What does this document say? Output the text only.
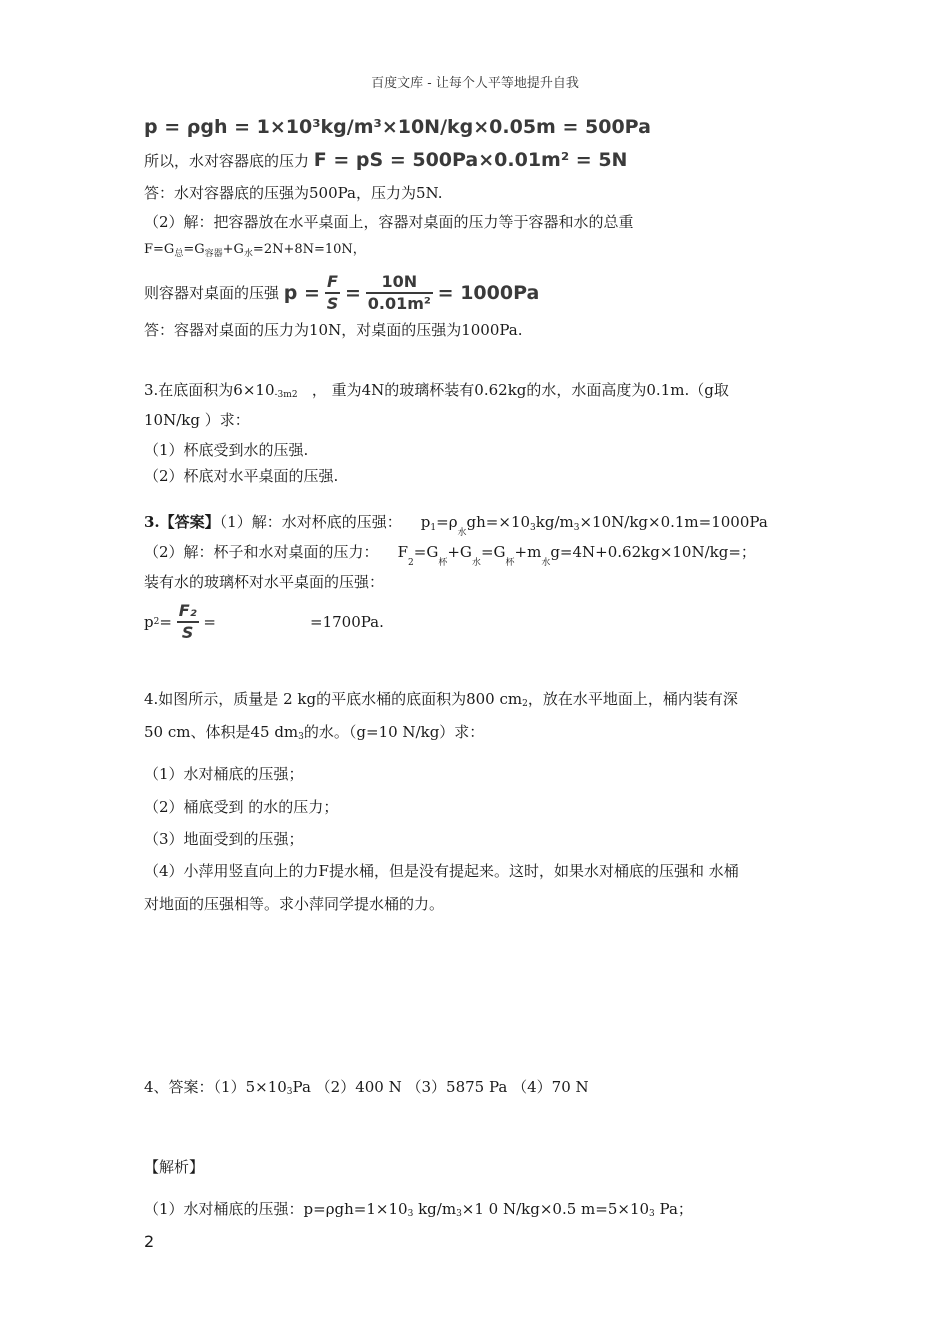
百度文库 - 让每个人平等地提升自我
p = ρgh = 1×10³kg/m³×10N/kg×0.05m = 500Pa
所以，水对容器底的压力 F = pS = 500Pa×0.01m² = 5N
答：水对容器底的压强为500Pa，压力为5N.
（2）解：把容器放在水平桌面上，容器对桌面的压力等于容器和水的总重
$F=G_总=G_{容器}+G_水=2N+8N=10N$，
则容器对桌面的压强 $p = \frac{F}{S} = \frac{10N}{\text{0.01m²}} = 1000Pa$
答：容器对桌面的压力为10N，对桌面的压强为1000Pa.
3.在底面积为$6\times 10_{-3m2}$ ， 重为4N的玻璃杯装有0.62kg的水，水面高度为0.1m.（g取
10N/kg ）求：
（1）杯底受到水的压强.
（2）杯底对水平桌面的压强.
3.【答案】（1）解：水对杯底的压强： $p_1=\rho_水gh=\times 10_3kg/m_3\times 10N/kg\times 0.1m=1000Pa$
（2）解：杯子和水对桌面的压力： $F_2=G_杯+G_水=G_杯+m_水g=4N+0.62kg\times 10N/kg=$；
装有水的玻璃杯对水平桌面的压强：
$p2= \frac{\text{F₂}}{S}$ =	=1700Pa.
4.如图所示，质量是 2 kg的平底水桶的底面积为800 $cm_2$，放在水平地面上，桶内装有深
50 cm、体积是45 $dm_3$的水。（g=10 N/kg）求：
（1）水对桶底的压强；
（2）桶底受到 的水的压力；
（3）地面受到的压强；
（4）小萍用竖直向上的力F提水桶，但是没有提起来。这时，如果水对桶底的压强和 水桶
对地面的压强相等。求小萍同学提水桶的力。
4、答案：$(1)5\times 10_3Pa$ （2）400 N （3）5875 Pa （4）70 N
【解析】
（1）水对桶底的压强：$p=\rho gh=1\times 10_3$ $kg/m_3\times 1$ 0 N/kg×0.5 $m=5\times 10_3$ Pa；
2
